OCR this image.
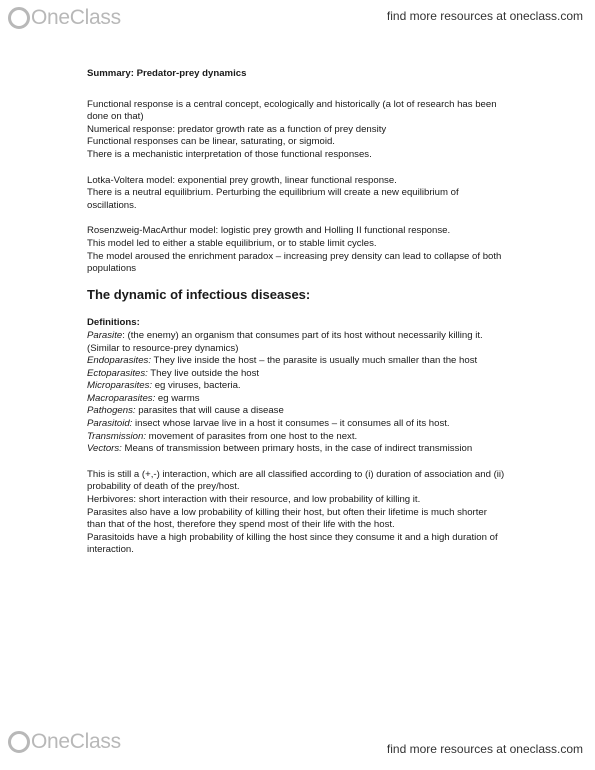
OneClass	find more resources at oneclass.com
Summary: Predator-prey dynamics
Functional response is a central concept, ecologically and historically (a lot of research has been done on that)
Numerical response: predator growth rate as a function of prey density
Functional responses can be linear, saturating, or sigmoid.
There is a mechanistic interpretation of those functional responses.
Lotka-Voltera model: exponential prey growth, linear functional response.
There is a neutral equilibrium. Perturbing the equilibrium will create a new equilibrium of oscillations.
Rosenzweig-MacArthur model: logistic prey growth and Holling II functional response.
This model led to either a stable equilibrium, or to stable limit cycles.
The model aroused the enrichment paradox – increasing prey density can lead to collapse of both populations
The dynamic of infectious diseases:
Definitions:
Parasite: (the enemy) an organism that consumes part of its host without necessarily killing it. (Similar to resource-prey dynamics)
Endoparasites: They live inside the host – the parasite is usually much smaller than the host
Ectoparasites: They live outside the host
Microparasites: eg viruses, bacteria.
Macroparasites: eg warms
Pathogens: parasites that will cause a disease
Parasitoid: insect whose larvae live in a host it consumes – it consumes all of its host.
Transmission: movement of parasites from one host to the next.
Vectors: Means of transmission between primary hosts, in the case of indirect transmission
This is still a (+,-) interaction, which are all classified according to (i) duration of association and (ii) probability of death of the prey/host.
Herbivores: short interaction with their resource, and low probability of killing it.
Parasites also have a low probability of killing their host, but often their lifetime is much shorter than that of the host, therefore they spend most of their life with the host.
Parasitoids have a high probability of killing the host since they consume it and a high duration of interaction.
OneClass	find more resources at oneclass.com
